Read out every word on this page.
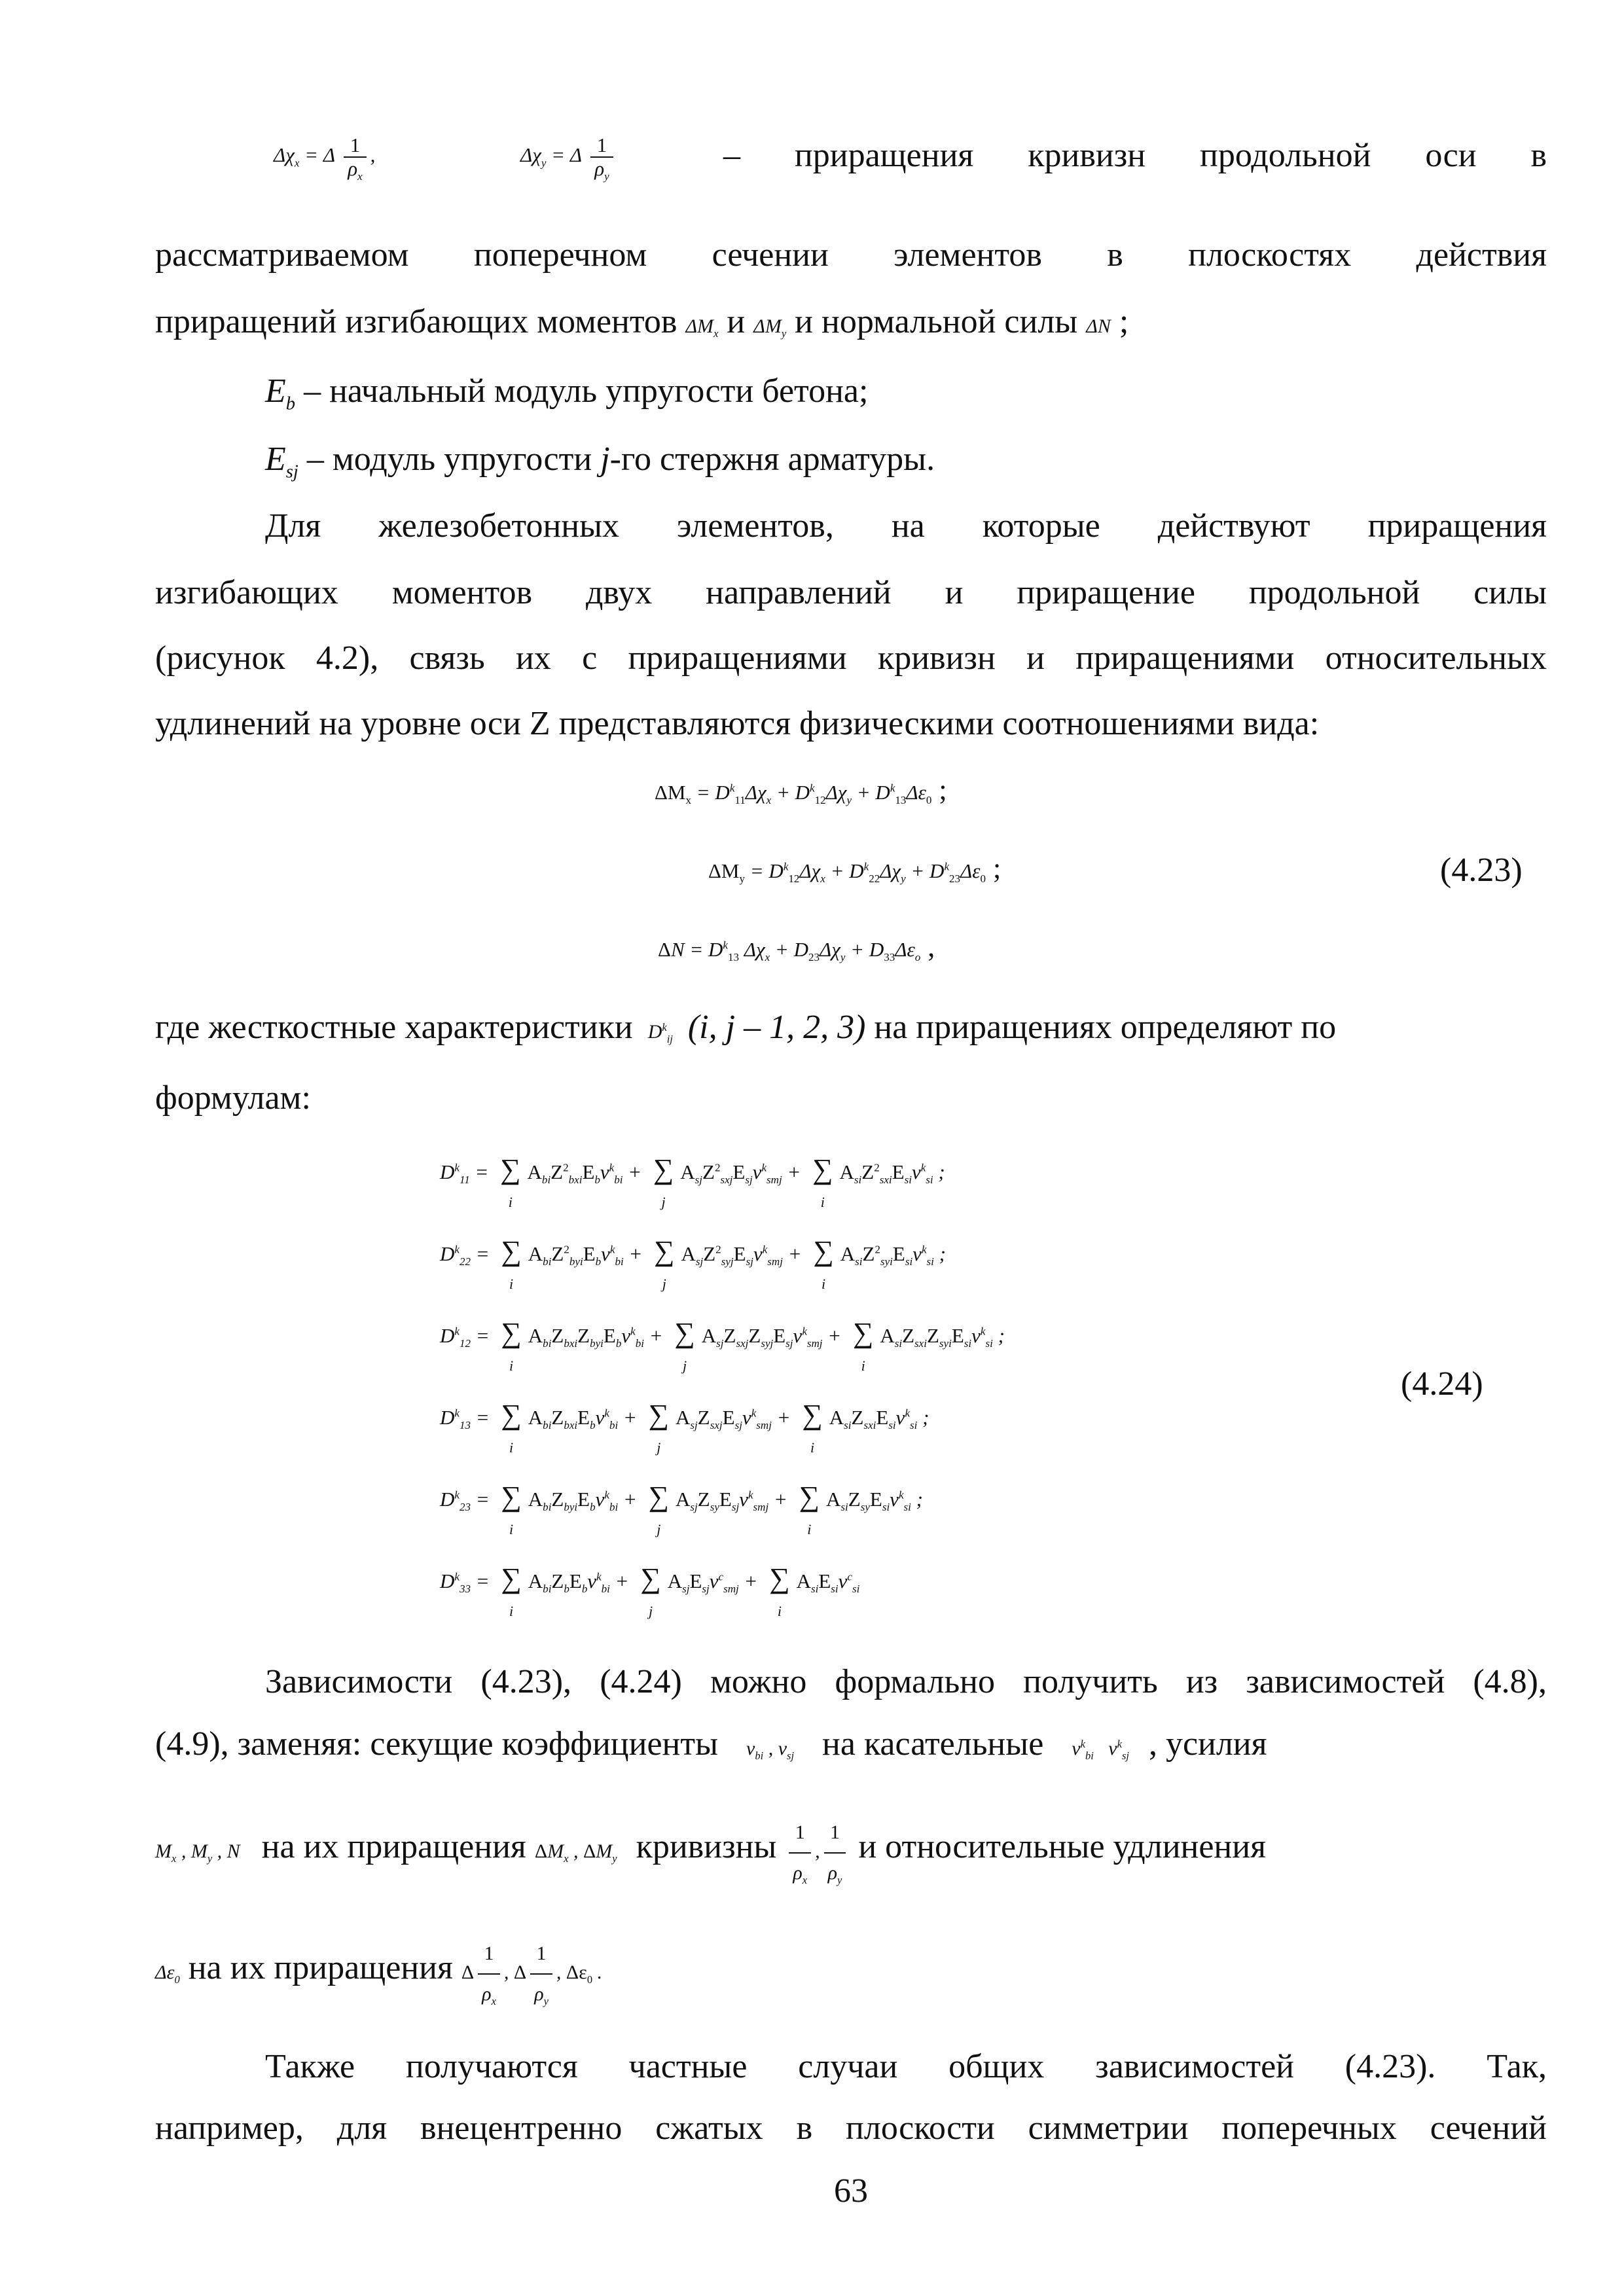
$\Delta\chi_x = \Delta \frac{1}{\rho_x}$ ,	$\Delta\chi_y = \Delta \frac{1}{\rho_y}$	– приращения кривизн продольной оси в
рассматриваемом поперечном сечении элементов в плоскостях действия
приращений изгибающих моментов $\Delta M_x$ и $\Delta M_y$ и нормальной силы ΔN ;
$E_b$ – начальный модуль упругости бетона;
$E_{sj}$ – модуль упругости j-го стержня арматуры.
Для железобетонных элементов, на которые действуют приращения
изгибающих моментов двух направлений и приращение продольной силы
(рисунок 4.2), связь их с приращениями кривизн и приращениями относительных
удлинений на уровне оси Z представляются физическими соотношениями вида:
$\Delta M_x = D^k_{11}\Delta\chi_x + D^k_{12}\Delta\chi_y + D^k_{13}\Delta\varepsilon_0$ ;
$\Delta M_y = D^k_{12}\Delta\chi_x + D^k_{22}\Delta\chi_y + D^k_{23}\Delta\varepsilon_0$ ;	(4.23)
$\Delta N = D^k_{13}$ $\Delta\chi_x + D_{23}\Delta\chi_y + D_{33}\Delta\varepsilon_o$ ,
где жесткостные характеристики $D^k_{ij}$ (i, j – 1, 2, 3) на приращениях определяют по
формулам:
$D^k_{11}$ = ∑
i
$A_{bi}Z^2_{bxi}E_b\nu^k_{bi}$ + ∑
j
$A_{sj}Z^2_{sxj}E_{sj}\nu^k_{smj}$ + ∑
i
$A_{si}Z^2_{sxi}E_{si}\nu^k_{si}$ ;
$D^k_{22}$ = ∑
i
$A_{bi}Z^2_{byi}E_b\nu^k_{bi}$ + ∑
j
$A_{sj}Z^2_{syj}E_{sj}\nu^k_{smj}$ + ∑
i
$A_{si}Z^2_{syi}E_{si}\nu^k_{si}$ ;
$D^k_{12}$ = ∑
i
$A_{bi}Z_{bxi}Z_{byi}E_b\nu^k_{bi}$ + ∑
j
$A_{sj}Z_{sxj}Z_{syj}E_{sj}\nu^k_{smj}$ + ∑
i
$A_{si}Z_{sxi}Z_{syi}E_{si}\nu^k_{si}$ ;
(4.24)
$D^k_{13}$ = ∑
i
$A_{bi}Z_{bxi}E_b\nu^k_{bi}$ + ∑
j
$A_{sj}Z_{sxj}E_{sj}\nu^k_{smj}$ + ∑
i
$A_{si}Z_{sxi}E_{si}\nu^k_{si}$ ;
$D^k_{23}$ = ∑
i
$A_{bi}Z_{byi}E_b\nu^k_{bi}$ + ∑
j
$A_{sj}Z_{sy}E_{sj}\nu^k_{smj}$ + ∑
i
$A_{si}Z_{sy}E_{si}\nu^k_{si}$ ;
$D^k_{33}$ = ∑
i
$A_{bi}Z_bE_b\nu^k_{bi}$ + ∑
j
$A_{sj}E_{sj}\nu^c_{smj}$ + ∑
i
$A_{si}E_{si}\nu^c_{si}$
Зависимости (4.23), (4.24) можно формально получить из зависимостей (4.8),
(4.9), заменяя: секущие коэффициенты $\nu_{bi}$ , $\nu_{sj}$ на касательные $\nu^k_{bi}$   $\nu^k_{sj}$ , усилия
$M_x$ , $M_y$ , N на их приращения $\Delta M_x$ , $\Delta M_y$ кривизны $\frac{1}{\rho_x}$ , $\frac{1}{\rho_y}$ и относительные удлинения
$\Delta\varepsilon_0$ на их приращения Δ $\frac{1}{\rho_x}$ , Δ $\frac{1}{\rho_y}$ , $\Delta\varepsilon_0$ .
Также получаются частные случаи общих зависимостей (4.23). Так,
например, для внецентренно сжатых в плоскости симметрии поперечных сечений
63
